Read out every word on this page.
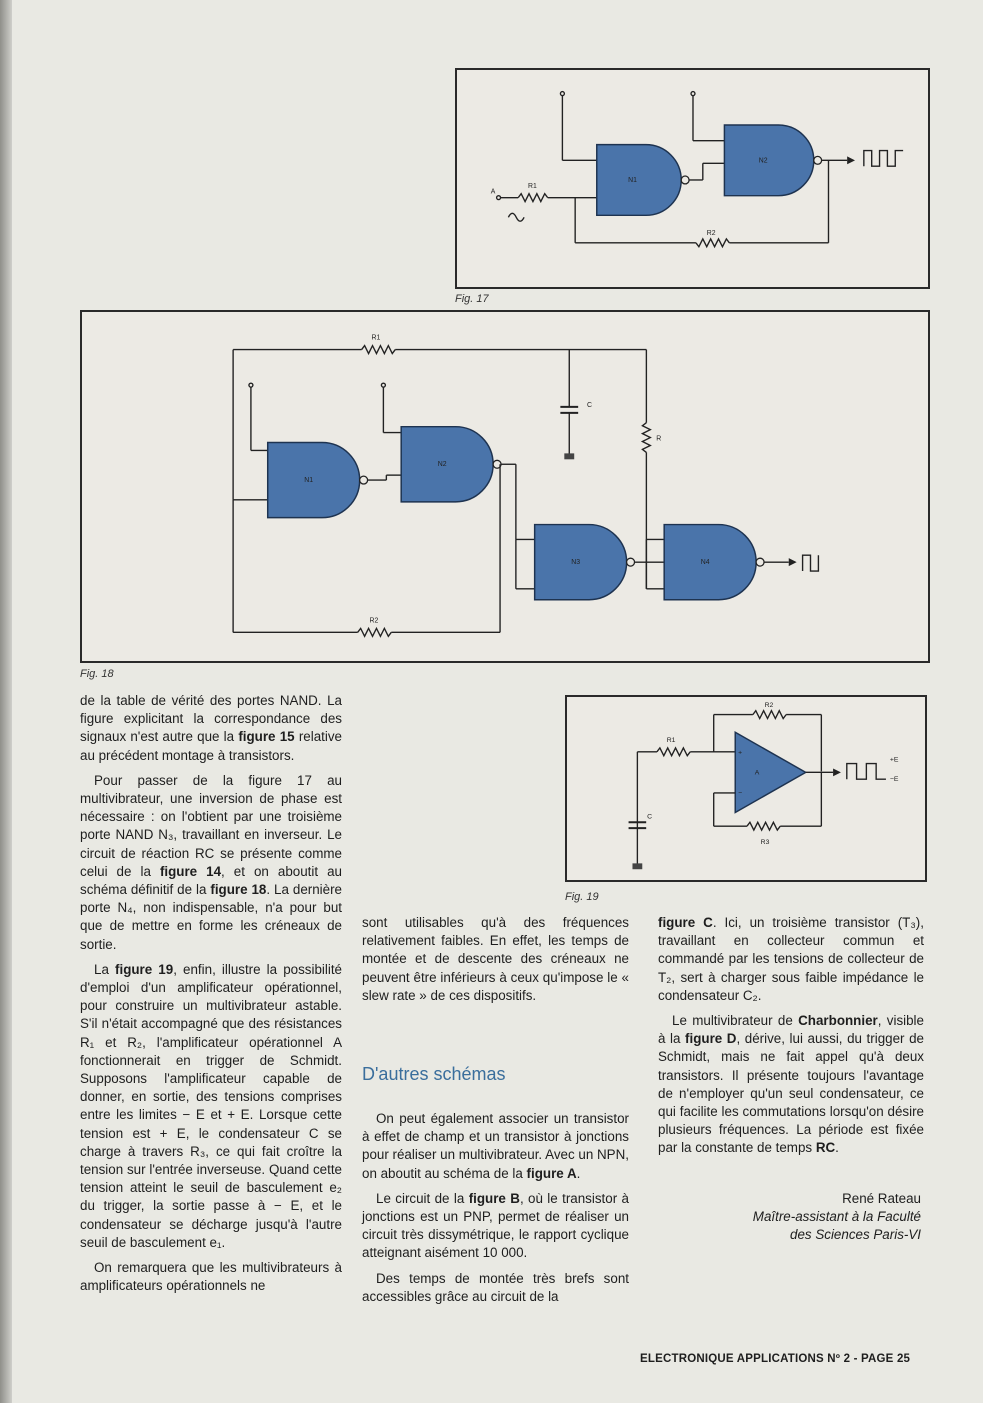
A
R1
R2
N1
N2
Fig. 17
R1
R2
C
R
N1
N2
N3	N4
Fig. 18
R2
R1
R3
C
A
+
−
+E
−E
Fig. 19

de la table de vérité des portes NAND. La figure explicitant la correspondance des signaux n'est autre que la figure 15 relative au précédent montage à transistors.

Pour passer de la figure 17 au multivibrateur, une inversion de phase est nécessaire : on l'obtient par une troisième porte NAND N₃, travaillant en inverseur. Le circuit de réaction RC se présente comme celui de la figure 14, et on aboutit au schéma définitif de la figure 18. La dernière porte N₄, non indispensable, n'a pour but que de mettre en forme les créneaux de sortie.

La figure 19, enfin, illustre la possibilité d'emploi d'un amplificateur opérationnel, pour construire un multivibrateur astable. S'il n'était accompagné que des résistances R₁ et R₂, l'amplificateur opérationnel A fonctionnerait en trigger de Schmidt. Supposons l'amplificateur capable de donner, en sortie, des tensions comprises entre les limites − E et + E. Lorsque cette tension est + E, le condensateur C se charge à travers R₃, ce qui fait croître la tension sur l'entrée inverseuse. Quand cette tension atteint le seuil de basculement e₂ du trigger, la sortie passe à − E, et le condensateur se décharge jusqu'à l'autre seuil de basculement e₁.

On remarquera que les multivibrateurs à amplificateurs opérationnels ne

sont utilisables qu'à des fréquences relativement faibles. En effet, les temps de montée et de descente des créneaux ne peuvent être inférieurs à ceux qu'impose le « slew rate » de ces dispositifs.

D'autres schémas

On peut également associer un transistor à effet de champ et un transistor à jonctions pour réaliser un multivibrateur. Avec un NPN, on aboutit au schéma de la figure A.

Le circuit de la figure B, où le transistor à jonctions est un PNP, permet de réaliser un circuit très dissymétrique, le rapport cyclique atteignant aisément 10 000.

Des temps de montée très brefs sont accessibles grâce au circuit de la

figure C. Ici, un troisième transistor (T₃), travaillant en collecteur commun et commandé par les tensions de collecteur de T₂, sert à charger sous faible impédance le condensateur C₂.

Le multivibrateur de Charbonnier, visible à la figure D, dérive, lui aussi, du trigger de Schmidt, mais ne fait appel qu'à deux transistors. Il présente toujours l'avantage de n'employer qu'un seul condensateur, ce qui facilite les commutations lorsqu'on désire plusieurs fréquences. La période est fixée par la constante de temps RC.

René Rateau
Maître-assistant à la Faculté
des Sciences Paris-VI
ELECTRONIQUE APPLICATIONS Nº 2 - PAGE 25
